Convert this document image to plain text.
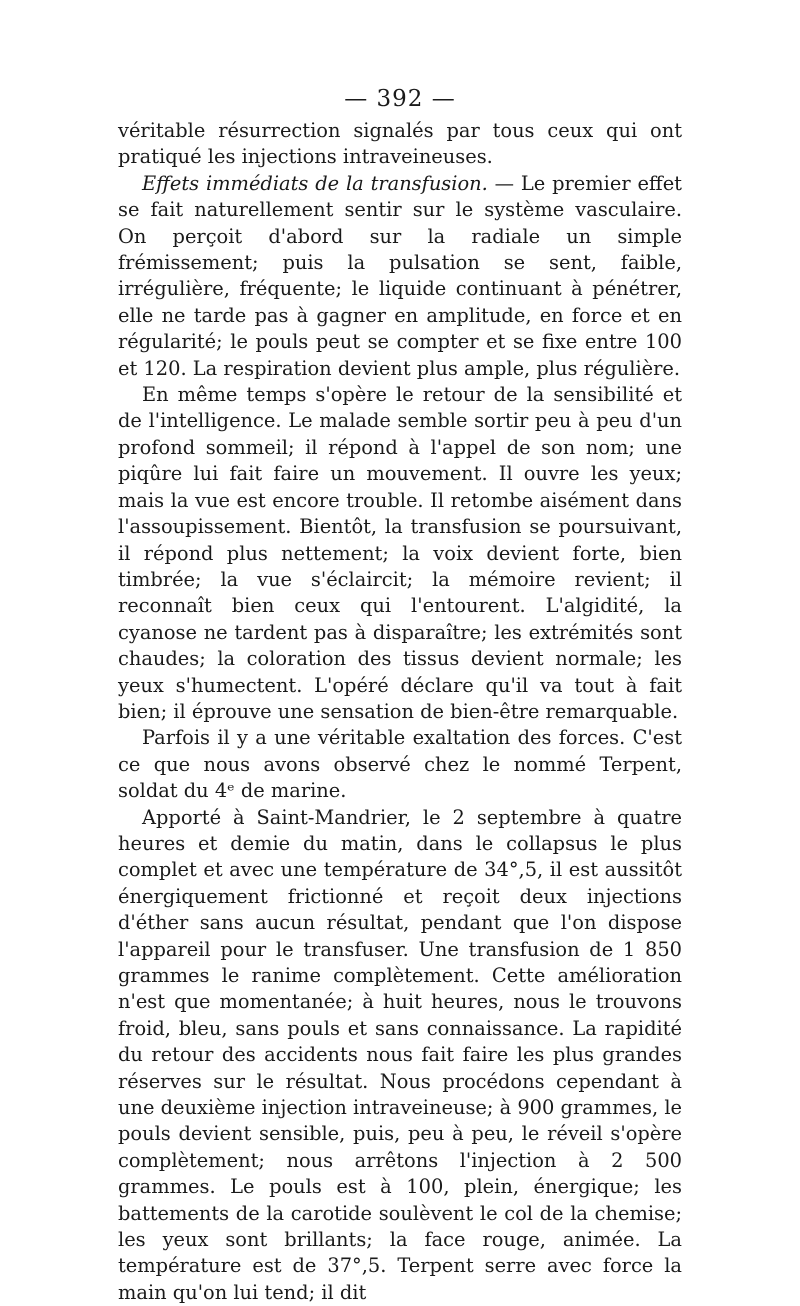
— 392 —

véritable résurrection signalés par tous ceux qui ont pratiqué les injections intraveineuses.

Effets immédiats de la transfusion. — Le premier effet se fait naturellement sentir sur le système vasculaire. On perçoit d'abord sur la radiale un simple frémissement; puis la pulsation se sent, faible, irrégulière, fréquente; le liquide continuant à pénétrer, elle ne tarde pas à gagner en amplitude, en force et en régularité; le pouls peut se compter et se fixe entre 100 et 120. La respiration devient plus ample, plus régulière.

En même temps s'opère le retour de la sensibilité et de l'intelligence. Le malade semble sortir peu à peu d'un profond sommeil; il répond à l'appel de son nom; une piqûre lui fait faire un mouvement. Il ouvre les yeux; mais la vue est encore trouble. Il retombe aisément dans l'assoupissement. Bientôt, la transfusion se poursuivant, il répond plus nettement; la voix devient forte, bien timbrée; la vue s'éclaircit; la mémoire revient; il reconnaît bien ceux qui l'entourent. L'algidité, la cyanose ne tardent pas à disparaître; les extrémités sont chaudes; la coloration des tissus devient normale; les yeux s'humectent. L'opéré déclare qu'il va tout à fait bien; il éprouve une sensation de bien-être remarquable.

Parfois il y a une véritable exaltation des forces. C'est ce que nous avons observé chez le nommé Terpent, soldat du 4ᵉ de marine.

Apporté à Saint-Mandrier, le 2 septembre à quatre heures et demie du matin, dans le collapsus le plus complet et avec une température de 34°,5, il est aussitôt énergiquement frictionné et reçoit deux injections d'éther sans aucun résultat, pendant que l'on dispose l'appareil pour le transfuser. Une transfusion de 1 850 grammes le ranime complètement. Cette amélioration n'est que momentanée; à huit heures, nous le trouvons froid, bleu, sans pouls et sans connaissance. La rapidité du retour des accidents nous fait faire les plus grandes réserves sur le résultat. Nous procédons cependant à une deuxième injection intraveineuse; à 900 grammes, le pouls devient sensible, puis, peu à peu, le réveil s'opère complètement; nous arrêtons l'injection à 2 500 grammes. Le pouls est à 100, plein, énergique; les battements de la carotide soulèvent le col de la chemise; les yeux sont brillants; la face rouge, animée. La température est de 37°,5. Terpent serre avec force la main qu'on lui tend; il dit
